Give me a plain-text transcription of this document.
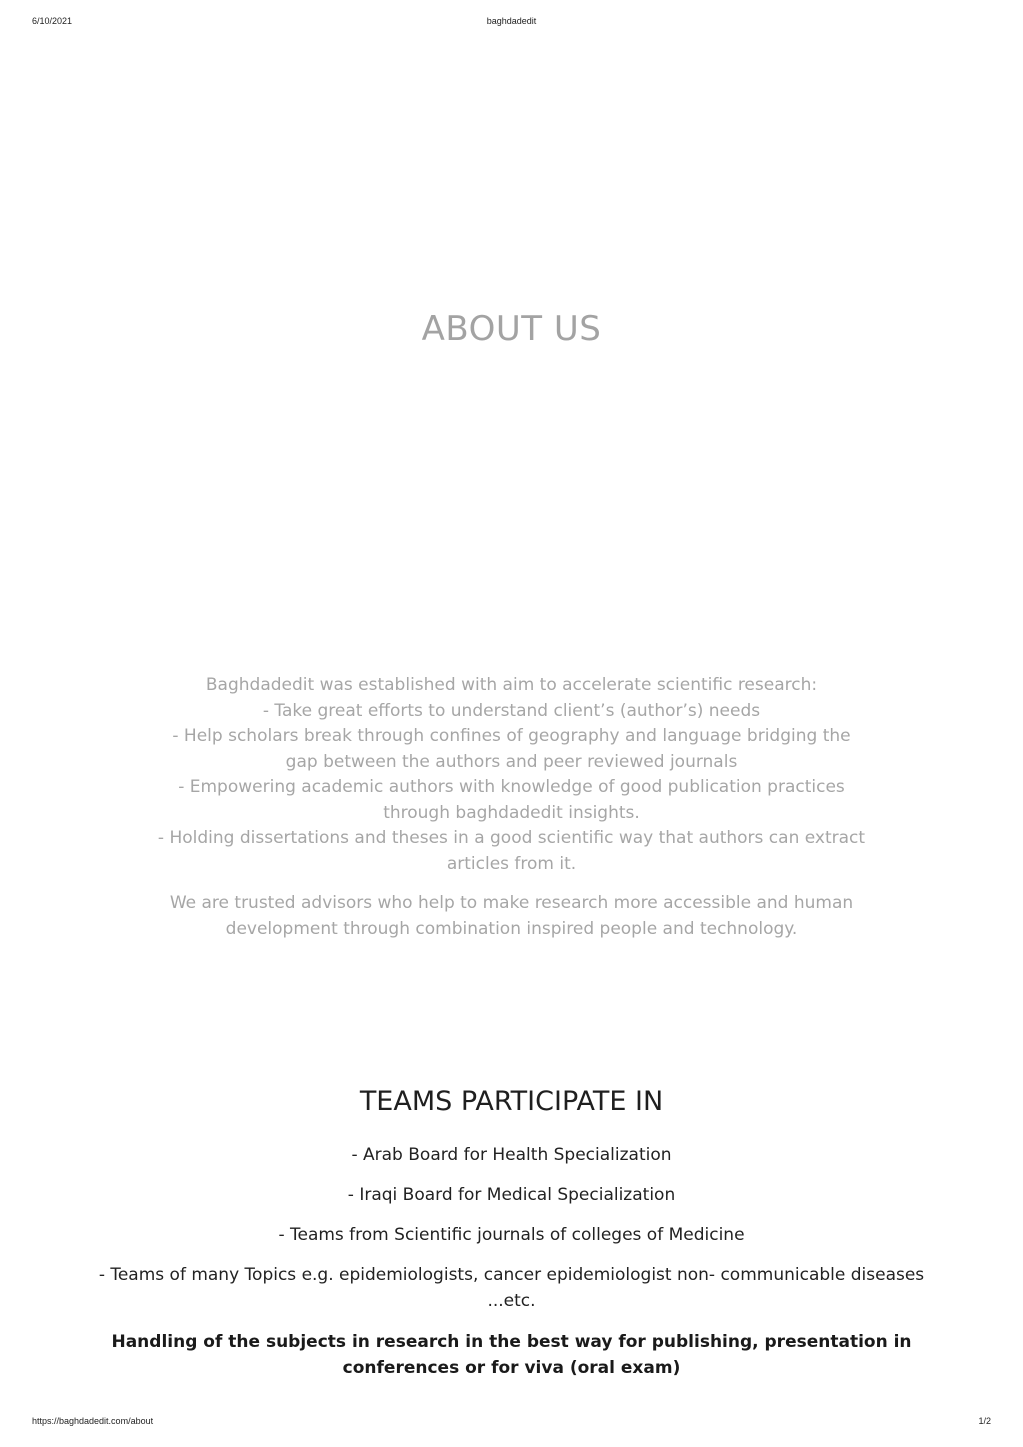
6/10/2021	baghdadedit
ABOUT US

Baghdadedit was established with aim to accelerate scientific research:

- Take great efforts to understand client’s (author’s) needs

- Help scholars break through confines of geography and language bridging the gap between the authors and peer reviewed journals

- Empowering academic authors with knowledge of good publication practices through baghdadedit insights.

- Holding dissertations and theses in a good scientific way that authors can extract articles from it.

We are trusted advisors who help to make research more accessible and human development through combination inspired people and technology.

TEAMS PARTICIPATE IN

- Arab Board for Health Specialization

- Iraqi Board for Medical Specialization

- Teams from Scientific journals of colleges of Medicine

- Teams of many Topics e.g. epidemiologists, cancer epidemiologist non- communicable diseases ...etc.

Handling of the subjects in research in the best way for publishing, presentation in conferences or for viva (oral exam)

https://baghdadedit.com/about	1/2
